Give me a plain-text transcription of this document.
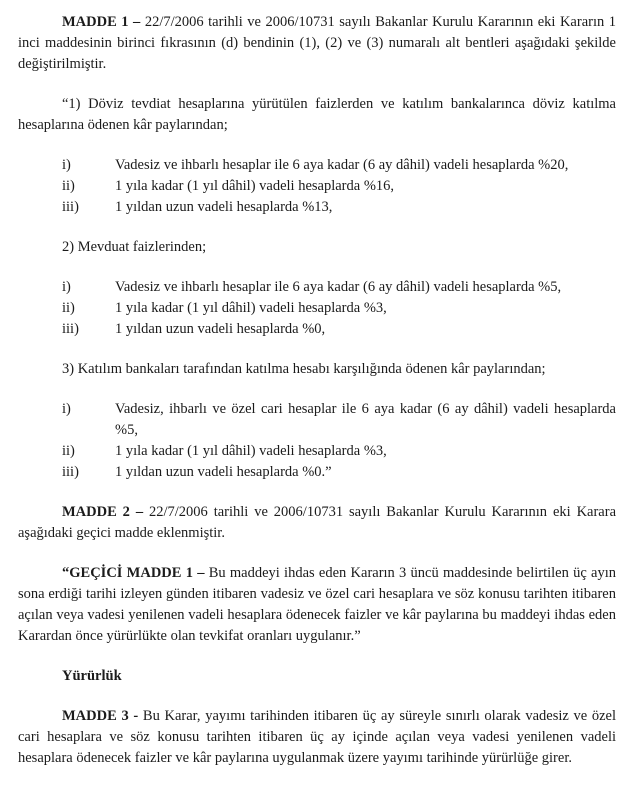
MADDE 1 – 22/7/2006 tarihli ve 2006/10731 sayılı Bakanlar Kurulu Kararının eki Kararın 1 inci maddesinin birinci fıkrasının (d) bendinin (1), (2) ve (3) numaralı alt bentleri aşağıdaki şekilde değiştirilmiştir.

“1) Döviz tevdiat hesaplarına yürütülen faizlerden ve katılım bankalarınca döviz katılma hesaplarına ödenen kâr paylarından;

i)	Vadesiz ve ihbarlı hesaplar ile 6 aya kadar (6 ay dâhil) vadeli hesaplarda %20,
ii)	1 yıla kadar (1 yıl dâhil) vadeli hesaplarda %16,
iii)	1 yıldan uzun vadeli hesaplarda %13,

2) Mevduat faizlerinden;

i)	Vadesiz ve ihbarlı hesaplar ile 6 aya kadar (6 ay dâhil) vadeli hesaplarda %5,
ii)	1 yıla kadar (1 yıl dâhil) vadeli hesaplarda %3,
iii)	1 yıldan uzun vadeli hesaplarda %0,

3) Katılım bankaları tarafından katılma hesabı karşılığında ödenen kâr paylarından;

i)	Vadesiz, ihbarlı ve özel cari hesaplar ile 6 aya kadar (6 ay dâhil) vadeli hesaplarda %5,
ii)	1 yıla kadar (1 yıl dâhil) vadeli hesaplarda %3,
iii)	1 yıldan uzun vadeli hesaplarda %0.”

MADDE 2 – 22/7/2006 tarihli ve 2006/10731 sayılı Bakanlar Kurulu Kararının eki Karara aşağıdaki geçici madde eklenmiştir.

“GEÇİCİ MADDE 1 – Bu maddeyi ihdas eden Kararın 3 üncü maddesinde belirtilen üç ayın sona erdiği tarihi izleyen günden itibaren vadesiz ve özel cari hesaplara ve söz konusu tarihten itibaren açılan veya vadesi yenilenen vadeli hesaplara ödenecek faizler ve kâr paylarına bu maddeyi ihdas eden Karardan önce yürürlükte olan tevkifat oranları uygulanır.”

Yürürlük

MADDE 3 - Bu Karar, yayımı tarihinden itibaren üç ay süreyle sınırlı olarak vadesiz ve özel cari hesaplara ve söz konusu tarihten itibaren üç ay içinde açılan veya vadesi yenilenen vadeli hesaplara ödenecek faizler ve kâr paylarına uygulanmak üzere yayımı tarihinde yürürlüğe girer.
